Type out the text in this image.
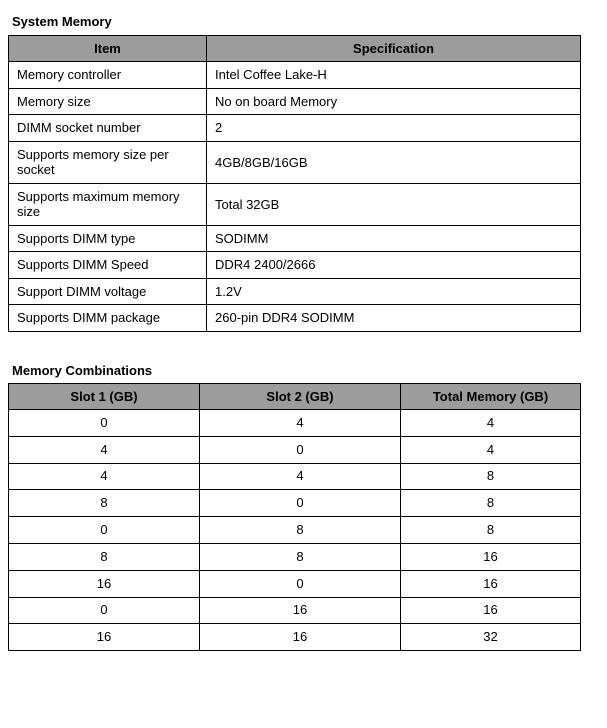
System Memory
Item	Specification
Memory controller	Intel Coffee Lake-H
Memory size	No on board Memory
DIMM socket number	2
Supports memory size per socket	4GB/8GB/16GB
Supports maximum memory size	Total 32GB
Supports DIMM type	SODIMM
Supports DIMM Speed	DDR4 2400/2666
Support DIMM voltage	1.2V
Supports DIMM package	260-pin DDR4 SODIMM
Memory Combinations
Slot 1 (GB)	Slot 2 (GB)	Total Memory (GB)
0	4	4
4	0	4
4	4	8
8	0	8
0	8	8
8	8	16
16	0	16
0	16	16
16	16	32
